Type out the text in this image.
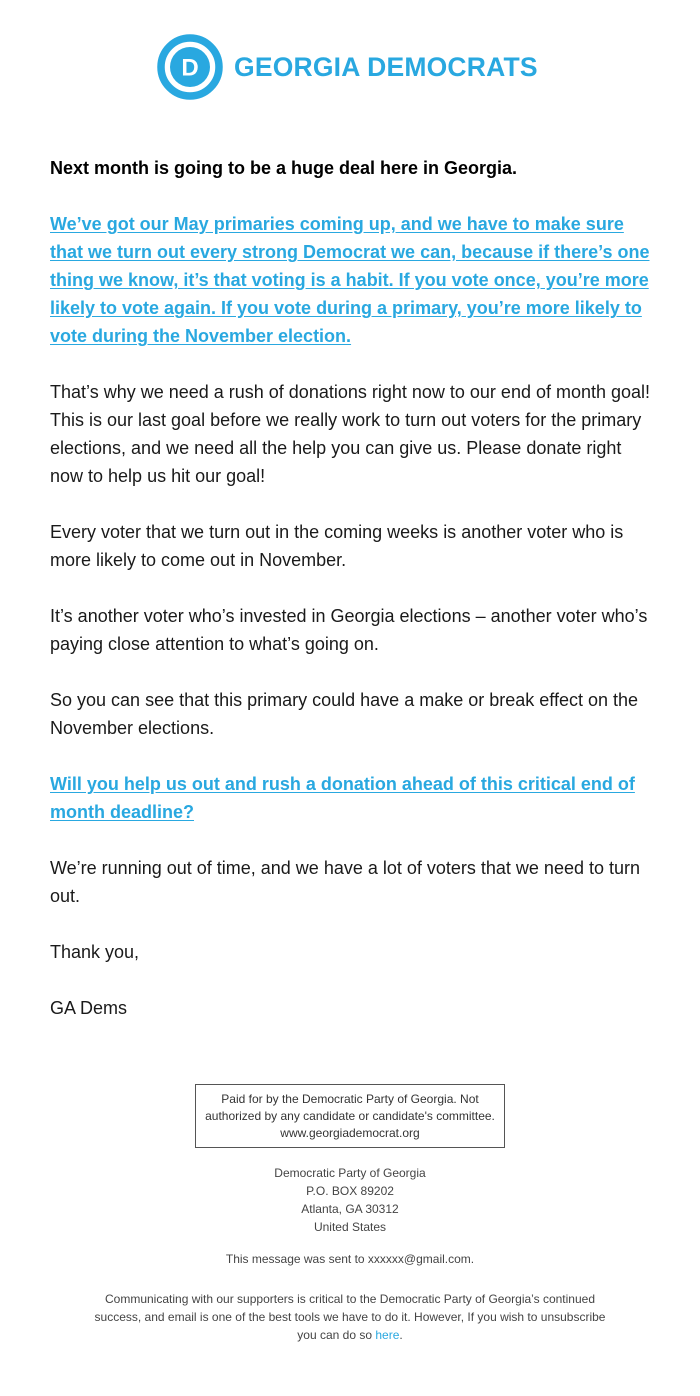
D GEORGIA DEMOCRATS

Next month is going to be a huge deal here in Georgia.

We’ve got our May primaries coming up, and we have to make sure that we turn out every strong Democrat we can, because if there’s one thing we know, it’s that voting is a habit. If you vote once, you’re more likely to vote again. If you vote during a primary, you’re more likely to vote during the November election.

That’s why we need a rush of donations right now to our end of month goal! This is our last goal before we really work to turn out voters for the primary elections, and we need all the help you can give us. Please donate right now to help us hit our goal!

Every voter that we turn out in the coming weeks is another voter who is more likely to come out in November.

It’s another voter who’s invested in Georgia elections – another voter who’s paying close attention to what’s going on.

So you can see that this primary could have a make or break effect on the November elections.

Will you help us out and rush a donation ahead of this critical end of month deadline?

We’re running out of time, and we have a lot of voters that we need to turn out.

Thank you,

GA Dems

Paid for by the Democratic Party of Georgia. Not authorized by any candidate or candidate's committee.
www.georgiademocrat.org
Democratic Party of Georgia
P.O. BOX 89202
Atlanta, GA 30312
United States
This message was sent to xxxxxx@gmail.com.
Communicating with our supporters is critical to the Democratic Party of Georgia’s continued success, and email is one of the best tools we have to do it. However, If you wish to unsubscribe you can do so here.
